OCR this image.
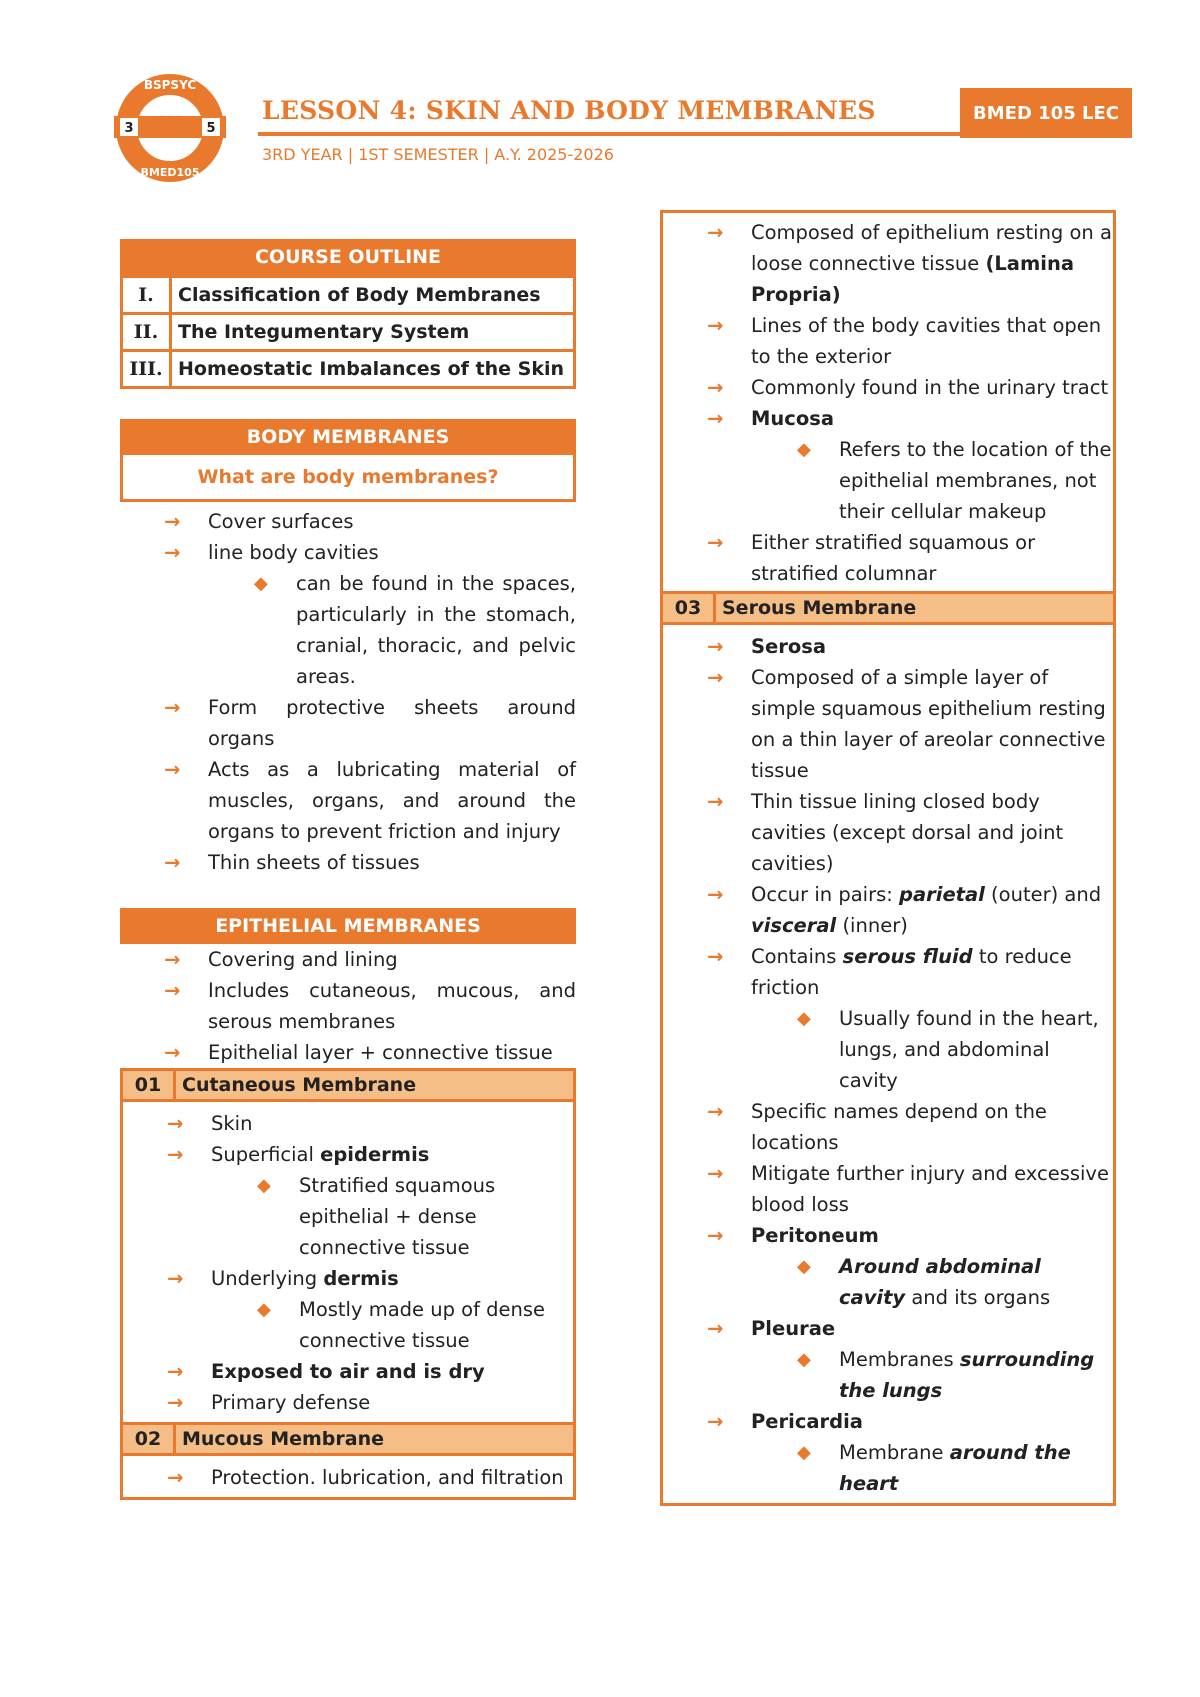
3	5
BSPSYC
BMED105
Ψ
LESSON 4: SKIN AND BODY MEMBRANES
3RD YEAR | 1ST SEMESTER | A.Y. 2025-2026
BMED 105 LEC
COURSE OUTLINE
I.	Classification of Body Membranes
II.	The Integumentary System
III.	Homeostatic Imbalances of the Skin
BODY MEMBRANES
What are body membranes?
→ Cover surfaces
→ line body cavities
◆ can be found in the spaces, particularly in the stomach, cranial, thoracic, and pelvic areas.
→ Form protective sheets around organs
→ Acts as a lubricating material of muscles, organs, and around the organs to prevent friction and injury
→ Thin sheets of tissues
EPITHELIAL MEMBRANES
→ Covering and lining
→ Includes cutaneous, mucous, and serous membranes
→ Epithelial layer + connective tissue
01	Cutaneous Membrane
→ Skin
→ Superficial epidermis
◆ Stratified squamous epithelial + dense connective tissue
→ Underlying dermis
◆ Mostly made up of dense connective tissue
→ Exposed to air and is dry
→ Primary defense
02	Mucous Membrane
→ Protection. lubrication, and filtration
→ Composed of epithelium resting on a loose connective tissue (Lamina Propria)
→ Lines of the body cavities that open to the exterior
→ Commonly found in the urinary tract
→ Mucosa
◆ Refers to the location of the epithelial membranes, not their cellular makeup
→ Either stratified squamous or stratified columnar
03	Serous Membrane
→ Serosa
→ Composed of a simple layer of simple squamous epithelium resting on a thin layer of areolar connective tissue
→ Thin tissue lining closed body cavities (except dorsal and joint cavities)
→ Occur in pairs: parietal (outer) and visceral (inner)
→ Contains serous fluid to reduce friction
◆ Usually found in the heart, lungs, and abdominal cavity
→ Specific names depend on the locations
→ Mitigate further injury and excessive blood loss
→ Peritoneum
◆ Around abdominal cavity and its organs
→ Pleurae
◆ Membranes surrounding the lungs
→ Pericardia
◆ Membrane around the heart
